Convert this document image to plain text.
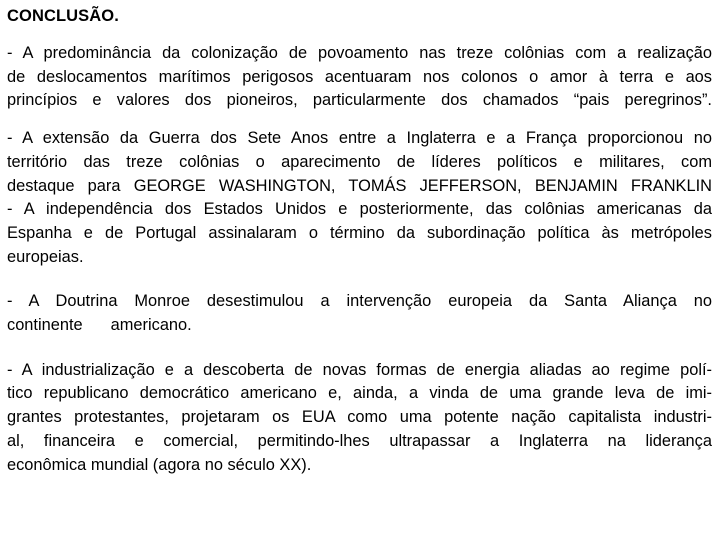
CONCLUSÃO.
- A predominância da colonização de povoamento nas treze colônias com a realização
de deslocamentos marítimos perigosos acentuaram nos colonos o amor à terra e aos
princípios e valores dos pioneiros, particularmente dos chamados “pais peregrinos”.
- A extensão da Guerra dos Sete Anos entre a Inglaterra e a França proporcionou no
território das treze colônias o aparecimento de líderes políticos e militares, com
destaque para GEORGE WASHINGTON, TOMÁS JEFFERSON, BENJAMIN FRANKLIN
- A independência dos Estados Unidos e posteriormente, das colônias americanas da
Espanha e de Portugal assinalaram o término da subordinação política às metrópoles
europeias.
- A Doutrina Monroe desestimulou a intervenção europeia da Santa Aliança no
continente americano.
- A industrialização e a descoberta de novas formas de energia aliadas ao regime polí-
tico republicano democrático americano e, ainda, a vinda de uma grande leva de imi-
grantes protestantes, projetaram os EUA como uma potente nação capitalista industri-
al, financeira e comercial, permitindo-lhes ultrapassar a Inglaterra na liderança
econômica mundial (agora no século XX).
